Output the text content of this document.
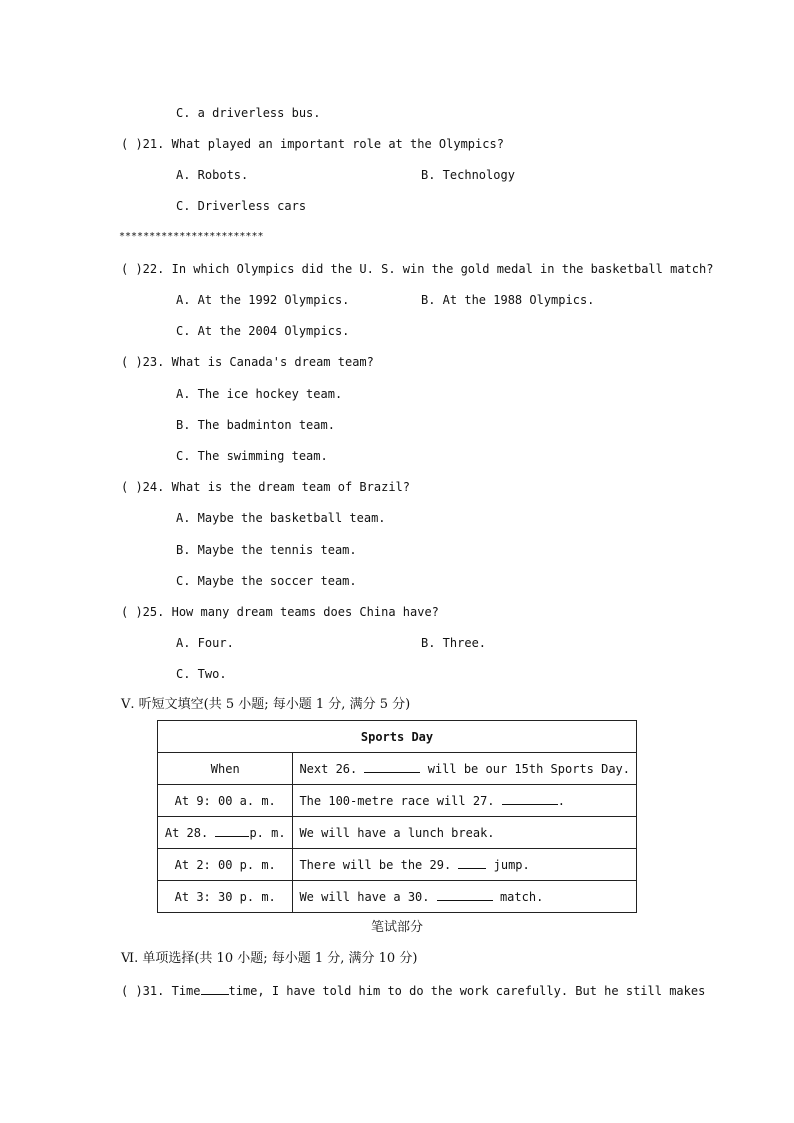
C. a driverless bus.
( )21. What played an important role at the Olympics?
A. Robots.	B. Technology
C. Driverless cars
************************
( )22. In which Olympics did the U. S. win the gold medal in the basketball match?
A. At the 1992 Olympics.	B. At the 1988 Olympics.
C. At the 2004 Olympics.
( )23. What is Canada's dream team?
A. The ice hockey team.
B. The badminton team.
C. The swimming team.
( )24. What is the dream team of Brazil?
A. Maybe the basketball team.
B. Maybe the tennis team.
C. Maybe the soccer team.
( )25. How many dream teams does China have?
A. Four.	B. Three.
C. Two.
Ⅴ. 听短文填空(共 5 小题; 每小题 1 分, 满分 5 分)
Sports Day	
When	Next 26. will be our 15th Sports Day.
At 9: 00 a. m.	The 100-metre race will 27. .
At 28. p. m.	We will have a lunch break.
At 2: 00 p. m.	There will be the 29.  jump.
At 3: 30 p. m.	We will have a 30. match.
笔试部分
Ⅵ. 单项选择(共 10 小题; 每小题 1 分, 满分 10 分)
( )31. Time time, I have told him to do the work carefully. But he still makes
